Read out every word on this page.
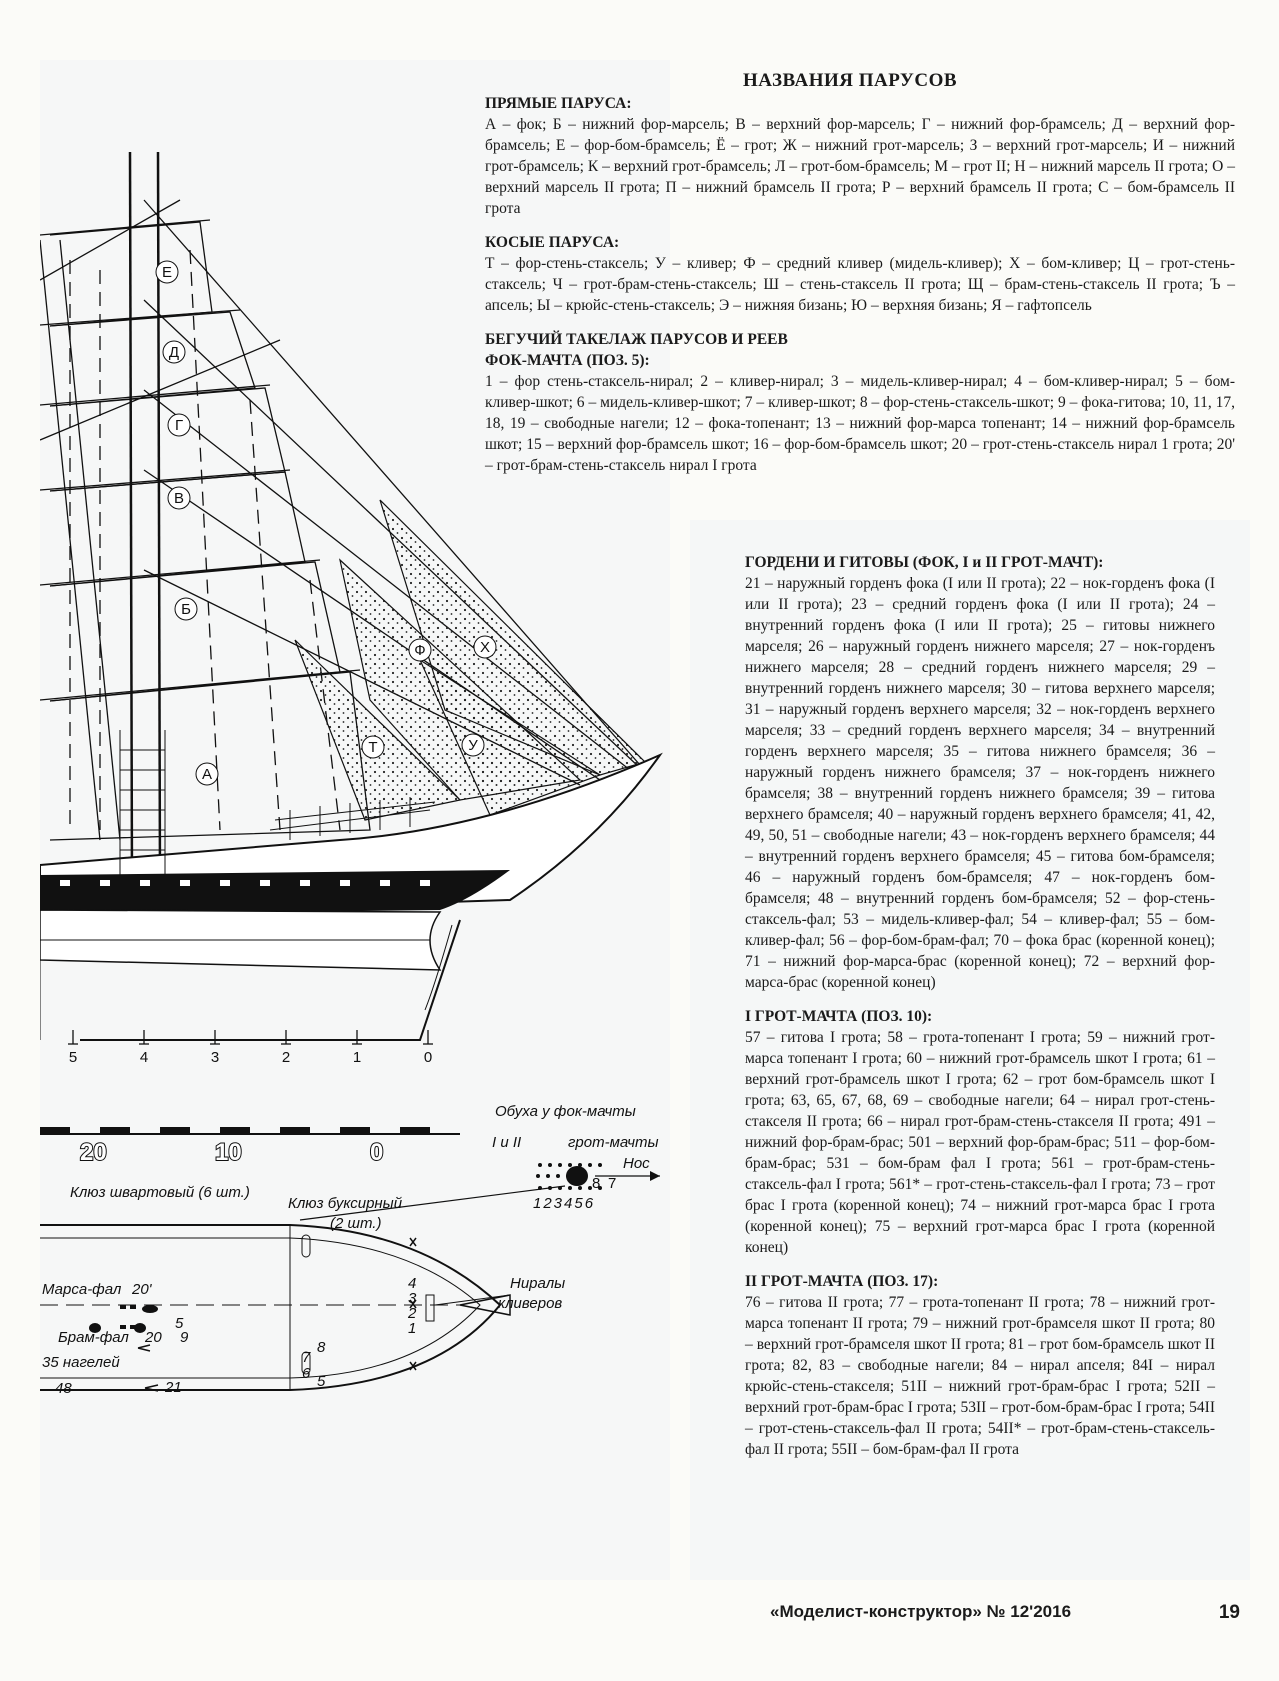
Е
Д
Г
В
Б
А
Т	У
Ф	Х
5	4	3	2	1	0
20	10	0
Обуха у фок-мачты
I и II	грот-мачты
Нос
123456
8 7
Клюз швартовый (6 шт.)
Клюз буксирный
(2 шт.)
Ниралы
кливеров
Марса-фал 20'
Брам-фал 20 9
35 нагелей
48	21
5
4
3
2
1
7
8
6 5
НАЗВАНИЯ ПАРУСОВ

ПРЯМЫЕ ПАРУСА:

А – фок; Б – нижний фор-марсель; В – верхний фор-марсель; Г – нижний фор-брамсель; Д – верхний фор-брамсель; Е – фор-бом-брамсель; Ё – грот; Ж – нижний грот-марсель; З – верхний грот-марсель; И – нижний грот-брамсель; К – верхний грот-брамсель; Л – грот-бом-брамсель; М – грот II; Н – нижний марсель II грота; О – верхний марсель II грота; П – нижний брамсель II грота; Р – верхний брамсель II грота; С – бом-брамсель II грота

КОСЫЕ ПАРУСА:

Т – фор-стень-стаксель; У – кливер; Ф – средний кливер (мидель-кливер); Х – бом-кливер; Ц – грот-стень-стаксель; Ч – грот-брам-стень-стаксель; Ш – стень-стаксель II грота; Щ – брам-стень-стаксель II грота; Ъ – апсель; Ы – крюйс-стень-стаксель; Э – нижняя бизань; Ю – верхняя бизань; Я – гафтопсель

БЕГУЧИЙ ТАКЕЛАЖ ПАРУСОВ И РЕЕВ

ФОК-МАЧТА (ПОЗ. 5):

1 – фор стень-стаксель-нирал; 2 – кливер-нирал; 3 – мидель-кливер-нирал; 4 – бом-кливер-нирал; 5 – бом-кливер-шкот; 6 – мидель-кливер-шкот; 7 – кливер-шкот; 8 – фор-стень-стаксель-шкот; 9 – фока-гитова; 10, 11, 17, 18, 19 – свободные нагели; 12 – фока-топенант; 13 – нижний фор-марса топенант; 14 – нижний фор-брамсель шкот; 15 – верхний фор-брамсель шкот; 16 – фор-бом-брамсель шкот; 20 – грот-стень-стаксель нирал 1 грота; 20' – грот-брам-стень-стаксель нирал I грота

ГОРДЕНИ И ГИТОВЫ (ФОК, I и II ГРОТ-МАЧТ):

21 – наружный горденъ фока (I или II грота); 22 – нок-горденъ фока (I или II грота); 23 – средний горденъ фока (I или II грота); 24 – внутренний горденъ фока (I или II грота); 25 – гитовы нижнего марселя; 26 – наружный горденъ нижнего марселя; 27 – нок-горденъ нижнего марселя; 28 – средний горденъ нижнего марселя; 29 – внутренний горденъ нижнего марселя; 30 – гитова верхнего марселя; 31 – наружный горденъ верхнего марселя; 32 – нок-горденъ верхнего марселя; 33 – средний горденъ верхнего марселя; 34 – внутренний горденъ верхнего марселя; 35 – гитова нижнего брамселя; 36 – наружный горденъ нижнего брамселя; 37 – нок-горденъ нижнего брамселя; 38 – внутренний горденъ нижнего брамселя; 39 – гитова верхнего брамселя; 40 – наружный горденъ верхнего брамселя; 41, 42, 49, 50, 51 – свободные нагели; 43 – нок-горденъ верхнего брамселя; 44 – внутренний горденъ верхнего брамселя; 45 – гитова бом-брамселя; 46 – наружный горденъ бом-брамселя; 47 – нок-горденъ бом-брамселя; 48 – внутренний горденъ бом-брамселя; 52 – фор-стень-стаксель-фал; 53 – мидель-кливер-фал; 54 – кливер-фал; 55 – бом-кливер-фал; 56 – фор-бом-брам-фал; 70 – фока брас (коренной конец); 71 – нижний фор-марса-брас (коренной конец); 72 – верхний фор-марса-брас (коренной конец)

I ГРОТ-МАЧТА (ПОЗ. 10):

57 – гитова I грота; 58 – грота-топенант I грота; 59 – нижний грот-марса топенант I грота; 60 – нижний грот-брамсель шкот I грота; 61 – верхний грот-брамсель шкот I грота; 62 – грот бом-брамсель шкот I грота; 63, 65, 67, 68, 69 – свободные нагели; 64 – нирал грот-стень-стакселя II грота; 66 – нирал грот-брам-стень-стакселя II грота; 491 – нижний фор-брам-брас; 501 – верхний фор-брам-брас; 511 – фор-бом-брам-брас; 531 – бом-брам фал I грота; 561 – грот-брам-стень-стаксель-фал I грота; 561* – грот-стень-стаксель-фал I грота; 73 – грот брас I грота (коренной конец); 74 – нижний грот-марса брас I грота (коренной конец); 75 – верхний грот-марса брас I грота (коренной конец)

II ГРОТ-МАЧТА (ПОЗ. 17):

76 – гитова II грота; 77 – грота-топенант II грота; 78 – нижний грот-марса топенант II грота; 79 – нижний грот-брамселя шкот II грота; 80 – верхний грот-брамселя шкот II грота; 81 – грот бом-брамсель шкот II грота; 82, 83 – свободные нагели; 84 – нирал апселя; 84I – нирал крюйс-стень-стакселя; 51II – нижний грот-брам-брас I грота; 52II – верхний грот-брам-брас I грота; 53II – грот-бом-брам-брас I грота; 54II – грот-стень-стаксель-фал II грота; 54II* – грот-брам-стень-стаксель-фал II грота; 55II – бом-брам-фал II грота

«Моделист-конструктор» № 12'2016	19
